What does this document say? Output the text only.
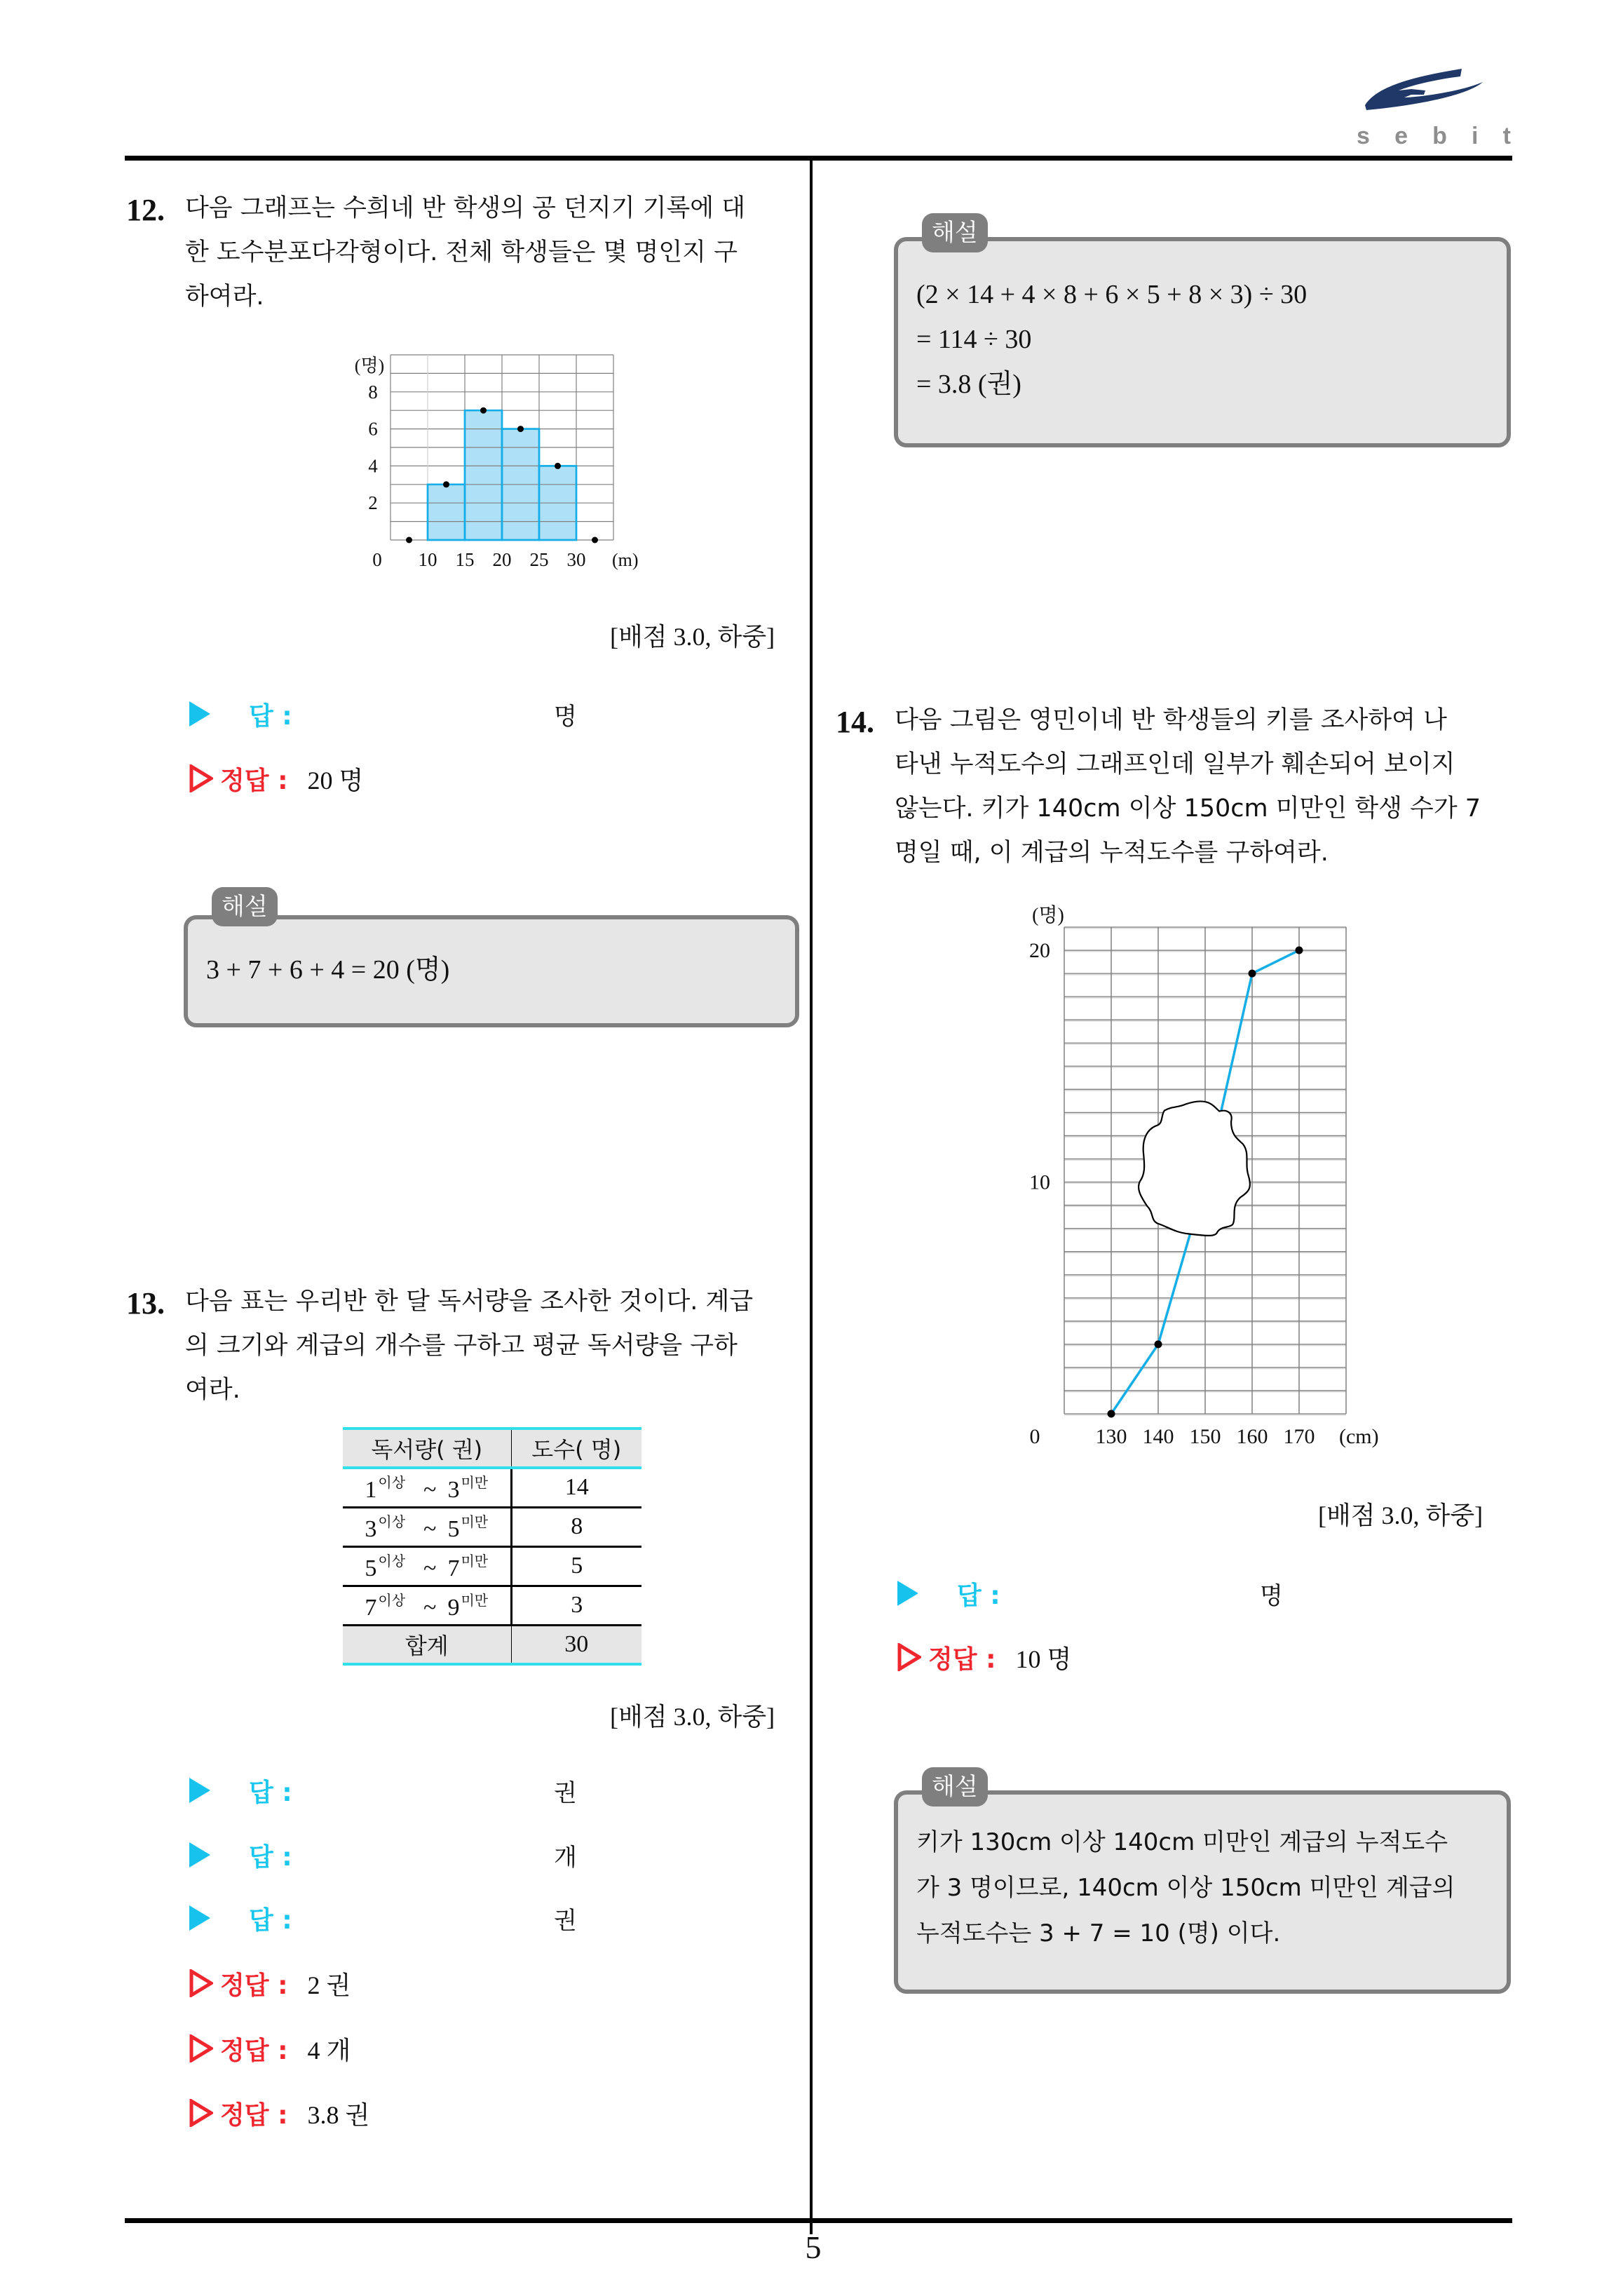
s e b i t
12. 다음 그래프는 수희네 반 학생의 공 던지기 기록에 대
한 도수분포다각형이다. 전체 학생들은 몇 명인지 구
하여라.
2
4
6
8
(명)
0 10 15 20 25 30 (m)
[배점 3.0, 하중]
답 :	명
정답 : 20 명
3 + 7 + 6 + 4 = 20 (명)
해설
13. 다음 표는 우리반 한 달 독서량을 조사한 것이다. 계급
의 크기와 계급의 개수를 구하고 평균 독서량을 구하
여라.
독서량( 권)	도수( 명)
1 $^{이상}$ ~ 3 $^{미만}$	14
3 $^{이상}$ ~ 5 $^{미만}$	8
5 $^{이상}$ ~ 7 $^{미만}$	5
7 $^{이상}$ ~ 9 $^{미만}$	3
합계	30
[배점 3.0, 하중]
답 :	권
답 :	개
답 :	권
정답 : 2 권
정답 : 4 개
정답 : 3.8 권
(2 × 14 + 4 × 8 + 6 × 5 + 8 × 3) ÷ 30
= 114 ÷ 30
= 3.8 (권)
해설
14. 다음 그림은 영민이네 반 학생들의 키를 조사하여 나
타낸 누적도수의 그래프인데 일부가 훼손되어 보이지
않는다. 키가 140cm 이상 150cm 미만인 학생 수가 7
명일 때, 이 계급의 누적도수를 구하여라.
10
20
(명)
0	130 140 150 160 170 (cm)
[배점 3.0, 하중]
답 :	명
정답 : 10 명
키가 130cm 이상 140cm 미만인 계급의 누적도수
가 3 명이므로, 140cm 이상 150cm 미만인 계급의
누적도수는 3 + 7 = 10 (명) 이다.
해설
5
